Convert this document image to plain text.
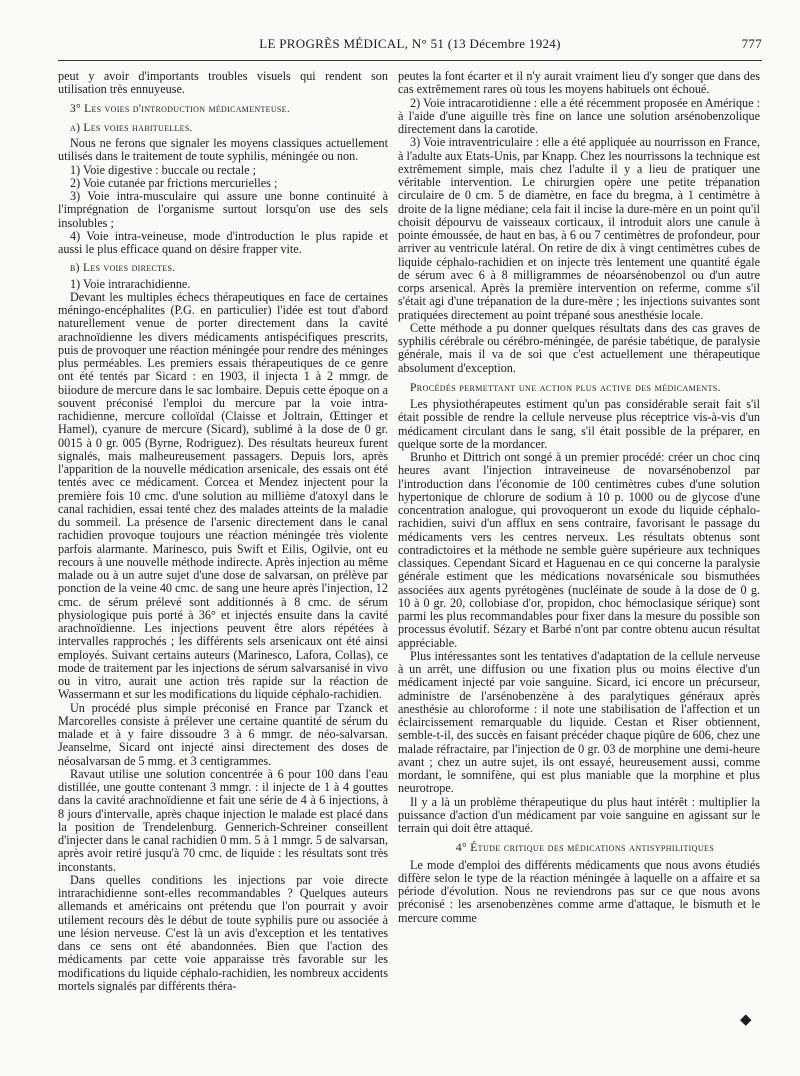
LE PROGRÈS MÉDICAL, N° 51 (13 Décembre 1924)	777

peut y avoir d'importants troubles visuels qui rendent son utilisation très ennuyeuse.

3° Les voies d'introduction médicamenteuse.

α) Les voies habituelles.

Nous ne ferons que signaler les moyens classiques actuellement utilisés dans le traitement de toute syphilis, méningée ou non.

1) Voie digestive : buccale ou rectale ;

2) Voie cutanée par frictions mercurielles ;

3) Voie intra-musculaire qui assure une bonne continuité à l'imprégnation de l'organisme surtout lorsqu'on use des sels insolubles ;

4) Voie intra-veineuse, mode d'introduction le plus rapide et aussi le plus efficace quand on désire frapper vite.

β) Les voies directes.

1) Voie intrarachidienne.

Devant les multiples échecs thérapeutiques en face de certaines méningo-encéphalites (P.G. en particulier) l'idée est tout d'abord naturellement venue de porter directement dans la cavité arachnoïdienne les divers médicaments antispécifiques prescrits, puis de provoquer une réaction méningée pour rendre des méninges plus perméables. Les premiers essais thérapeutiques de ce genre ont été tentés par Sicard : en 1903, il injecta 1 à 2 mmgr. de biiodure de mercure dans le sac lombaire. Depuis cette époque on a souvent préconisé l'emploi du mercure par la voie intra-rachidienne, mercure colloïdal (Claisse et Joltrain, Œttinger et Hamel), cyanure de mercure (Sicard), sublimé à la dose de 0 gr. 0015 à 0 gr. 005 (Byrne, Rodriguez). Des résultats heureux furent signalés, mais malheureusement passagers. Depuis lors, après l'apparition de la nouvelle médication arsenicale, des essais ont été tentés avec ce médicament. Corcea et Mendez injectent pour la première fois 10 cmc. d'une solution au millième d'atoxyl dans le canal rachidien, essai tenté chez des malades atteints de la maladie du sommeil. La présence de l'arsenic directement dans le canal rachidien provoque toujours une réaction méningée très violente parfois alarmante. Marinesco, puis Swift et Eilis, Ogilvie, ont eu recours à une nouvelle méthode indirecte. Après injection au même malade ou à un autre sujet d'une dose de salvarsan, on prélève par ponction de la veine 40 cmc. de sang une heure après l'injection, 12 cmc. de sérum prélevé sont additionnés à 8 cmc. de sérum physiologique puis porté à 36° et injectés ensuite dans la cavité arachnoïdienne. Les injections peuvent être alors répétées à intervalles rapprochés ; les différents sels arsenicaux ont été ainsi employés. Suivant certains auteurs (Marinesco, Lafora, Collas), ce mode de traitement par les injections de sérum salvarsanisé in vivo ou in vitro, aurait une action très rapide sur la réaction de Wassermann et sur les modifications du liquide céphalo-rachidien.

Un procédé plus simple préconisé en France par Tzanck et Marcorelles consiste à prélever une certaine quantité de sérum du malade et à y faire dissoudre 3 à 6 mmgr. de néo-salvarsan. Jeanselme, Sicard ont injecté ainsi directement des doses de néosalvarsan de 5 mmg. et 3 centigrammes.

Ravaut utilise une solution concentrée à 6 pour 100 dans l'eau distillée, une goutte contenant 3 mmgr. : il injecte de 1 à 4 gouttes dans la cavité arachnoïdienne et fait une série de 4 à 6 injections, à 8 jours d'intervalle, après chaque injection le malade est placé dans la position de Trendelenburg. Gennerich-Schreiner conseillent d'injecter dans le canal rachidien 0 mm. 5 à 1 mmgr. 5 de salvarsan, après avoir retiré jusqu'à 70 cmc. de liquide : les résultats sont très inconstants.

Dans quelles conditions les injections par voie directe intrarachidienne sont-elles recommandables ? Quelques auteurs allemands et américains ont prétendu que l'on pourrait y avoir utilement recours dès le début de toute syphilis pure ou associée à une lésion nerveuse. C'est là un avis d'exception et les tentatives dans ce sens ont été abandonnées. Bien que l'action des médicaments par cette voie apparaisse très favorable sur les modifications du liquide céphalo-rachidien, les nombreux accidents mortels signalés par différents théra-

peutes la font écarter et il n'y aurait vraiment lieu d'y songer que dans des cas extrêmement rares où tous les moyens habituels ont échoué.

2) Voie intracarotidienne : elle a été récemment proposée en Amérique : à l'aide d'une aiguille très fine on lance une solution arsénobenzolique directement dans la carotide.

3) Voie intraventriculaire : elle a été appliquée au nourrisson en France, à l'adulte aux Etats-Unis, par Knapp. Chez les nourrissons la technique est extrêmement simple, mais chez l'adulte il y a lieu de pratiquer une véritable intervention. Le chirurgien opère une petite trépanation circulaire de 0 cm. 5 de diamètre, en face du bregma, à 1 centimètre à droite de la ligne médiane; cela fait il incise la dure-mère en un point qu'il choisit dépourvu de vaisseaux corticaux, il introduit alors une canule à pointe émoussée, de haut en bas, à 6 ou 7 centimètres de profondeur, pour arriver au ventricule latéral. On retire de dix à vingt centimètres cubes de liquide céphalo-rachidien et on injecte très lentement une quantité égale de sérum avec 6 à 8 milligrammes de néoarsénobenzol ou d'un autre corps arsenical. Après la première intervention on referme, comme s'il s'était agi d'une trépanation de la dure-mère ; les injections suivantes sont pratiquées directement au point trépané sous anesthésie locale.

Cette méthode a pu donner quelques résultats dans des cas graves de syphilis cérébrale ou cérébro-méningée, de parésie tabétique, de paralysie générale, mais il va de soi que c'est actuellement une thérapeutique absolument d'exception.

Procédés permettant une action plus active des médicaments.

Les physiothérapeutes estiment qu'un pas considérable serait fait s'il était possible de rendre la cellule nerveuse plus réceptrice vis-à-vis d'un médicament circulant dans le sang, s'il était possible de la préparer, en quelque sorte de la mordancer.

Brunho et Dittrich ont songé à un premier procédé: créer un choc cinq heures avant l'injection intraveineuse de novarsénobenzol par l'introduction dans l'économie de 100 centimètres cubes d'une solution hypertonique de chlorure de sodium à 10 p. 1000 ou de glycose d'une concentration analogue, qui provoqueront un exode du liquide céphalo-rachidien, suivi d'un afflux en sens contraire, favorisant le passage du médicaments vers les centres nerveux. Les résultats obtenus sont contradictoires et la méthode ne semble guère supérieure aux techniques classiques. Cependant Sicard et Haguenau en ce qui concerne la paralysie générale estiment que les médications novarsénicale sou bismuthées associées aux agents pyrétogènes (nucléinate de soude à la dose de 0 g. 10 à 0 gr. 20, collobiase d'or, propidon, choc hémoclasique sérique) sont parmi les plus recommandables pour fixer dans la mesure du possible son processus évolutif. Sézary et Barbé n'ont par contre obtenu aucun résultat appréciable.

Plus intéressantes sont les tentatives d'adaptation de la cellule nerveuse à un arrêt, une diffusion ou une fixation plus ou moins élective d'un médicament injecté par voie sanguine. Sicard, ici encore un précurseur, administre de l'arsénobenzène à des paralytiques généraux après anesthésie au chloroforme : il note une stabilisation de l'affection et un éclaircissement remarquable du liquide. Cestan et Riser obtiennent, semble-t-il, des succès en faisant précéder chaque piqûre de 606, chez une malade réfractaire, par l'injection de 0 gr. 03 de morphine une demi-heure avant ; chez un autre sujet, ils ont essayé, heureusement aussi, comme mordant, le somnifène, qui est plus maniable que la morphine et plus neurotrope.

Il y a là un problème thérapeutique du plus haut intérêt : multiplier la puissance d'action d'un médicament par voie sanguine en agissant sur le terrain qui doit être attaqué.

4° Étude critique des médications antisyphilitiques

Le mode d'emploi des différents médicaments que nous avons étudiés diffère selon le type de la réaction méningée à laquelle on a affaire et sa période d'évolution. Nous ne reviendrons pas sur ce que nous avons préconisé : les arsenobenzènes comme arme d'attaque, le bismuth et le mercure comme

◆
